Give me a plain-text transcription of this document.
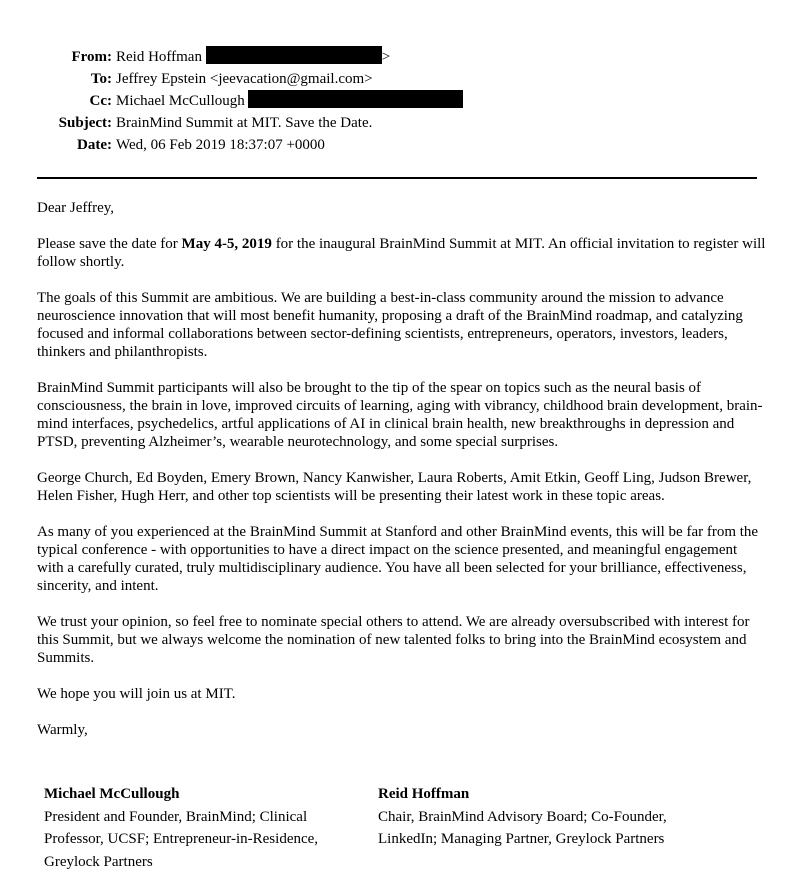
From: Reid Hoffman	>
To: Jeffrey Epstein <jeevacation@gmail.com>
Cc: Michael McCullough
Subject: BrainMind Summit at MIT. Save the Date.
Date: Wed, 06 Feb 2019 18:37:07 +0000

Dear Jeffrey,

Please save the date for May 4-5, 2019 for the inaugural BrainMind Summit at MIT. An official invitation to register will follow shortly.

The goals of this Summit are ambitious. We are building a best-in-class community around the mission to advance neuroscience innovation that will most benefit humanity, proposing a draft of the BrainMind roadmap, and catalyzing focused and informal collaborations between sector-defining scientists, entrepreneurs, operators, investors, leaders, thinkers and philanthropists.

BrainMind Summit participants will also be brought to the tip of the spear on topics such as the neural basis of consciousness, the brain in love, improved circuits of learning, aging with vibrancy, childhood brain development, brain-mind interfaces, psychedelics, artful applications of AI in clinical brain health, new breakthroughs in depression and PTSD, preventing Alzheimer’s, wearable neurotechnology, and some special surprises.

George Church, Ed Boyden, Emery Brown, Nancy Kanwisher, Laura Roberts, Amit Etkin, Geoff Ling, Judson Brewer, Helen Fisher, Hugh Herr, and other top scientists will be presenting their latest work in these topic areas.

As many of you experienced at the BrainMind Summit at Stanford and other BrainMind events, this will be far from the typical conference - with opportunities to have a direct impact on the science presented, and meaningful engagement with a carefully curated, truly multidisciplinary audience. You have all been selected for your brilliance, effectiveness, sincerity, and intent.

We trust your opinion, so feel free to nominate special others to attend. We are already oversubscribed with interest for this Summit, but we always welcome the nomination of new talented folks to bring into the BrainMind ecosystem and Summits.

We hope you will join us at MIT.

Warmly,

Michael McCullough
President and Founder, BrainMind; Clinical Professor, UCSF; Entrepreneur-in-Residence, Greylock Partners
Reid Hoffman
Chair, BrainMind Advisory Board; Co-Founder, LinkedIn; Managing Partner, Greylock Partners
